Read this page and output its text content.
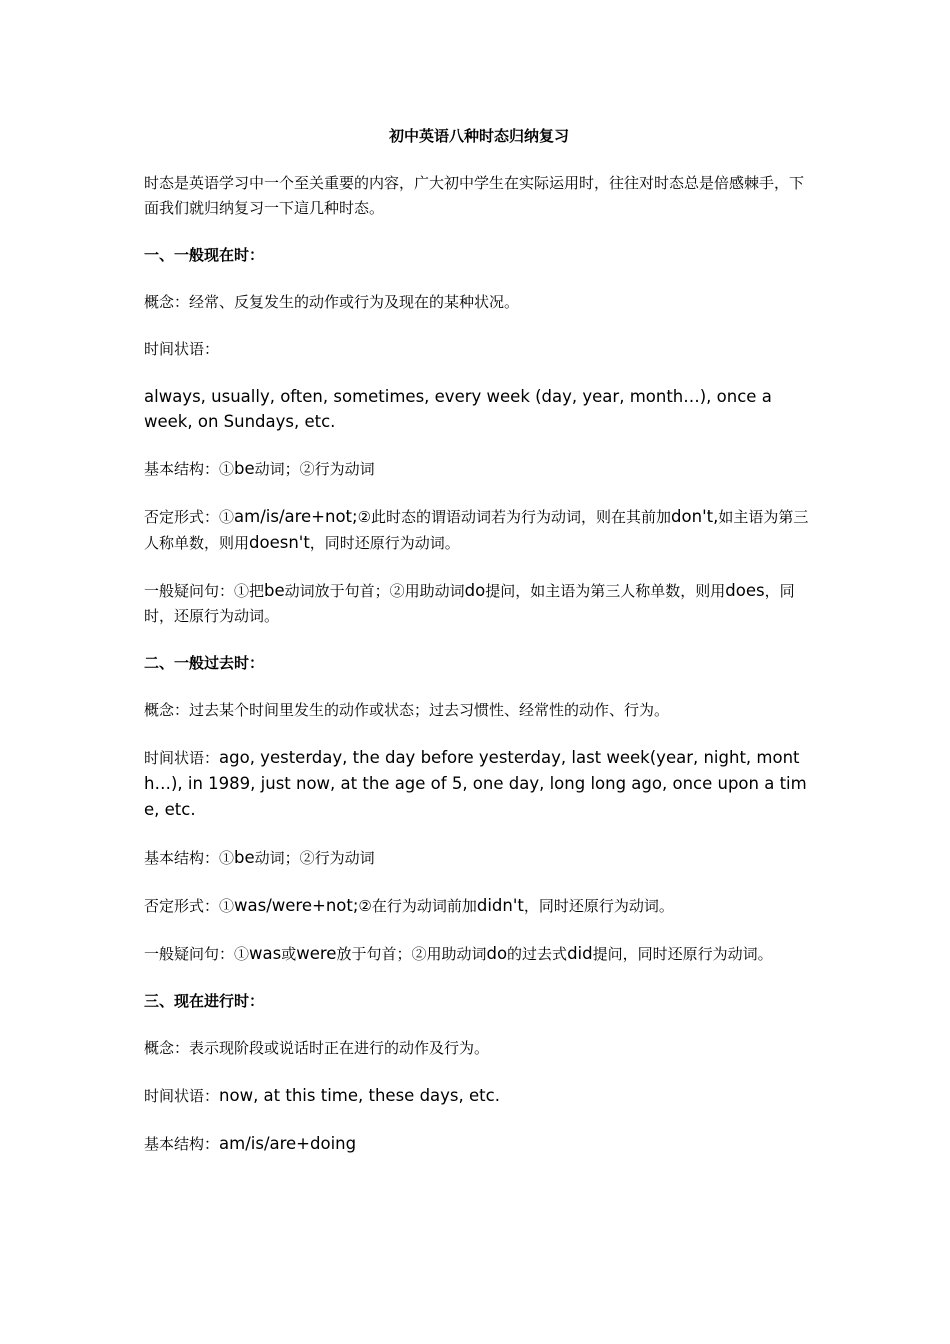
初中英语八种时态归纳复习

时态是英语学习中一个至关重要的内容，广大初中学生在实际运用时，往往对时态总是倍感棘手，下面我们就归纳复习一下這几种时态。

一、一般现在时：

概念：经常、反复发生的动作或行为及现在的某种状况。

时间状语：

always, usually, often, sometimes, every week (day, year, month…), once a week, on Sundays, etc.

基本结构：①be动词；②行为动词

否定形式：①am/is/are+not;②此时态的谓语动词若为行为动词，则在其前加don't,如主语为第三人称单数，则用doesn't，同时还原行为动词。

一般疑问句：①把be动词放于句首；②用助动词do提问，如主语为第三人称单数，则用does，同时，还原行为动词。

二、一般过去时：

概念：过去某个时间里发生的动作或状态；过去习惯性、经常性的动作、行为。

时间状语：ago, yesterday, the day before yesterday, last week(year, night, month…), in 1989, just now, at the age of 5, one day, long long ago, once upon a time, etc.

基本结构：①be动词；②行为动词

否定形式：①was/were+not;②在行为动词前加didn't，同时还原行为动词。

一般疑问句：①was或were放于句首；②用助动词do的过去式did提问，同时还原行为动词。

三、现在进行时：

概念：表示现阶段或说话时正在进行的动作及行为。

时间状语：now, at this time, these days, etc.

基本结构：am/is/are+doing
